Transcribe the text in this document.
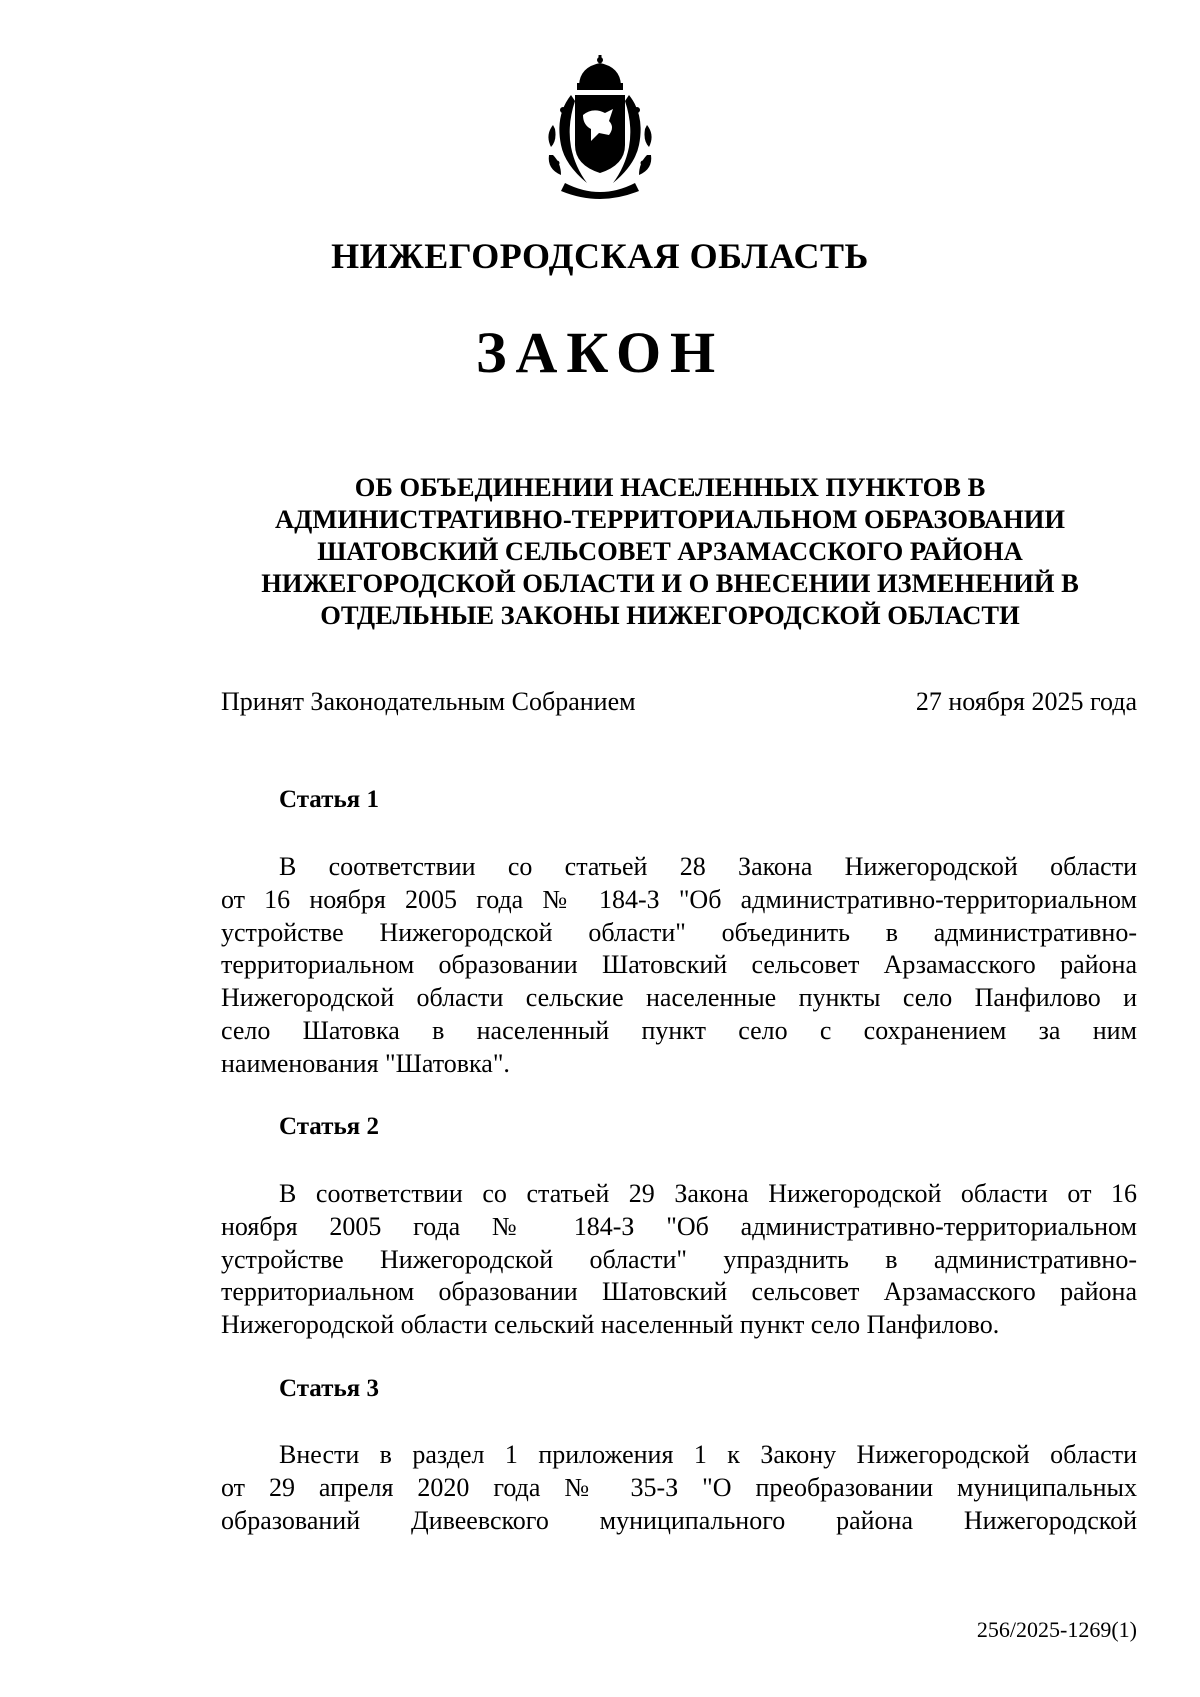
НИЖЕГОРОДСКАЯ ОБЛАСТЬ
ЗАКОН
ОБ ОБЪЕДИНЕНИИ НАСЕЛЕННЫХ ПУНКТОВ В
АДМИНИСТРАТИВНО-ТЕРРИТОРИАЛЬНОМ ОБРАЗОВАНИИ
ШАТОВСКИЙ СЕЛЬСОВЕТ АРЗАМАССКОГО РАЙОНА
НИЖЕГОРОДСКОЙ ОБЛАСТИ И О ВНЕСЕНИИ ИЗМЕНЕНИЙ В
ОТДЕЛЬНЫЕ ЗАКОНЫ НИЖЕГОРОДСКОЙ ОБЛАСТИ
Принят Законодательным Собранием	27 ноября 2025 года

Статья 1

В соответствии со статьей 28 Закона Нижегородской области
от 16 ноября 2005 года № 184-З "Об административно-территориальном
устройстве Нижегородской области" объединить в административно-
территориальном образовании Шатовский сельсовет Арзамасского района
Нижегородской области сельские населенные пункты село Панфилово и
село Шатовка в населенный пункт село с сохранением за ним
наименования "Шатовка".

Статья 2

В соответствии со статьей 29 Закона Нижегородской области от 16
ноября 2005 года № 184-З "Об административно-территориальном
устройстве Нижегородской области" упразднить в административно-
территориальном образовании Шатовский сельсовет Арзамасского района
Нижегородской области сельский населенный пункт село Панфилово.

Статья 3

Внести в раздел 1 приложения 1 к Закону Нижегородской области
от 29 апреля 2020 года № 35-З "О преобразовании муниципальных
образований Дивеевского муниципального района Нижегородской
256/2025-1269(1)
